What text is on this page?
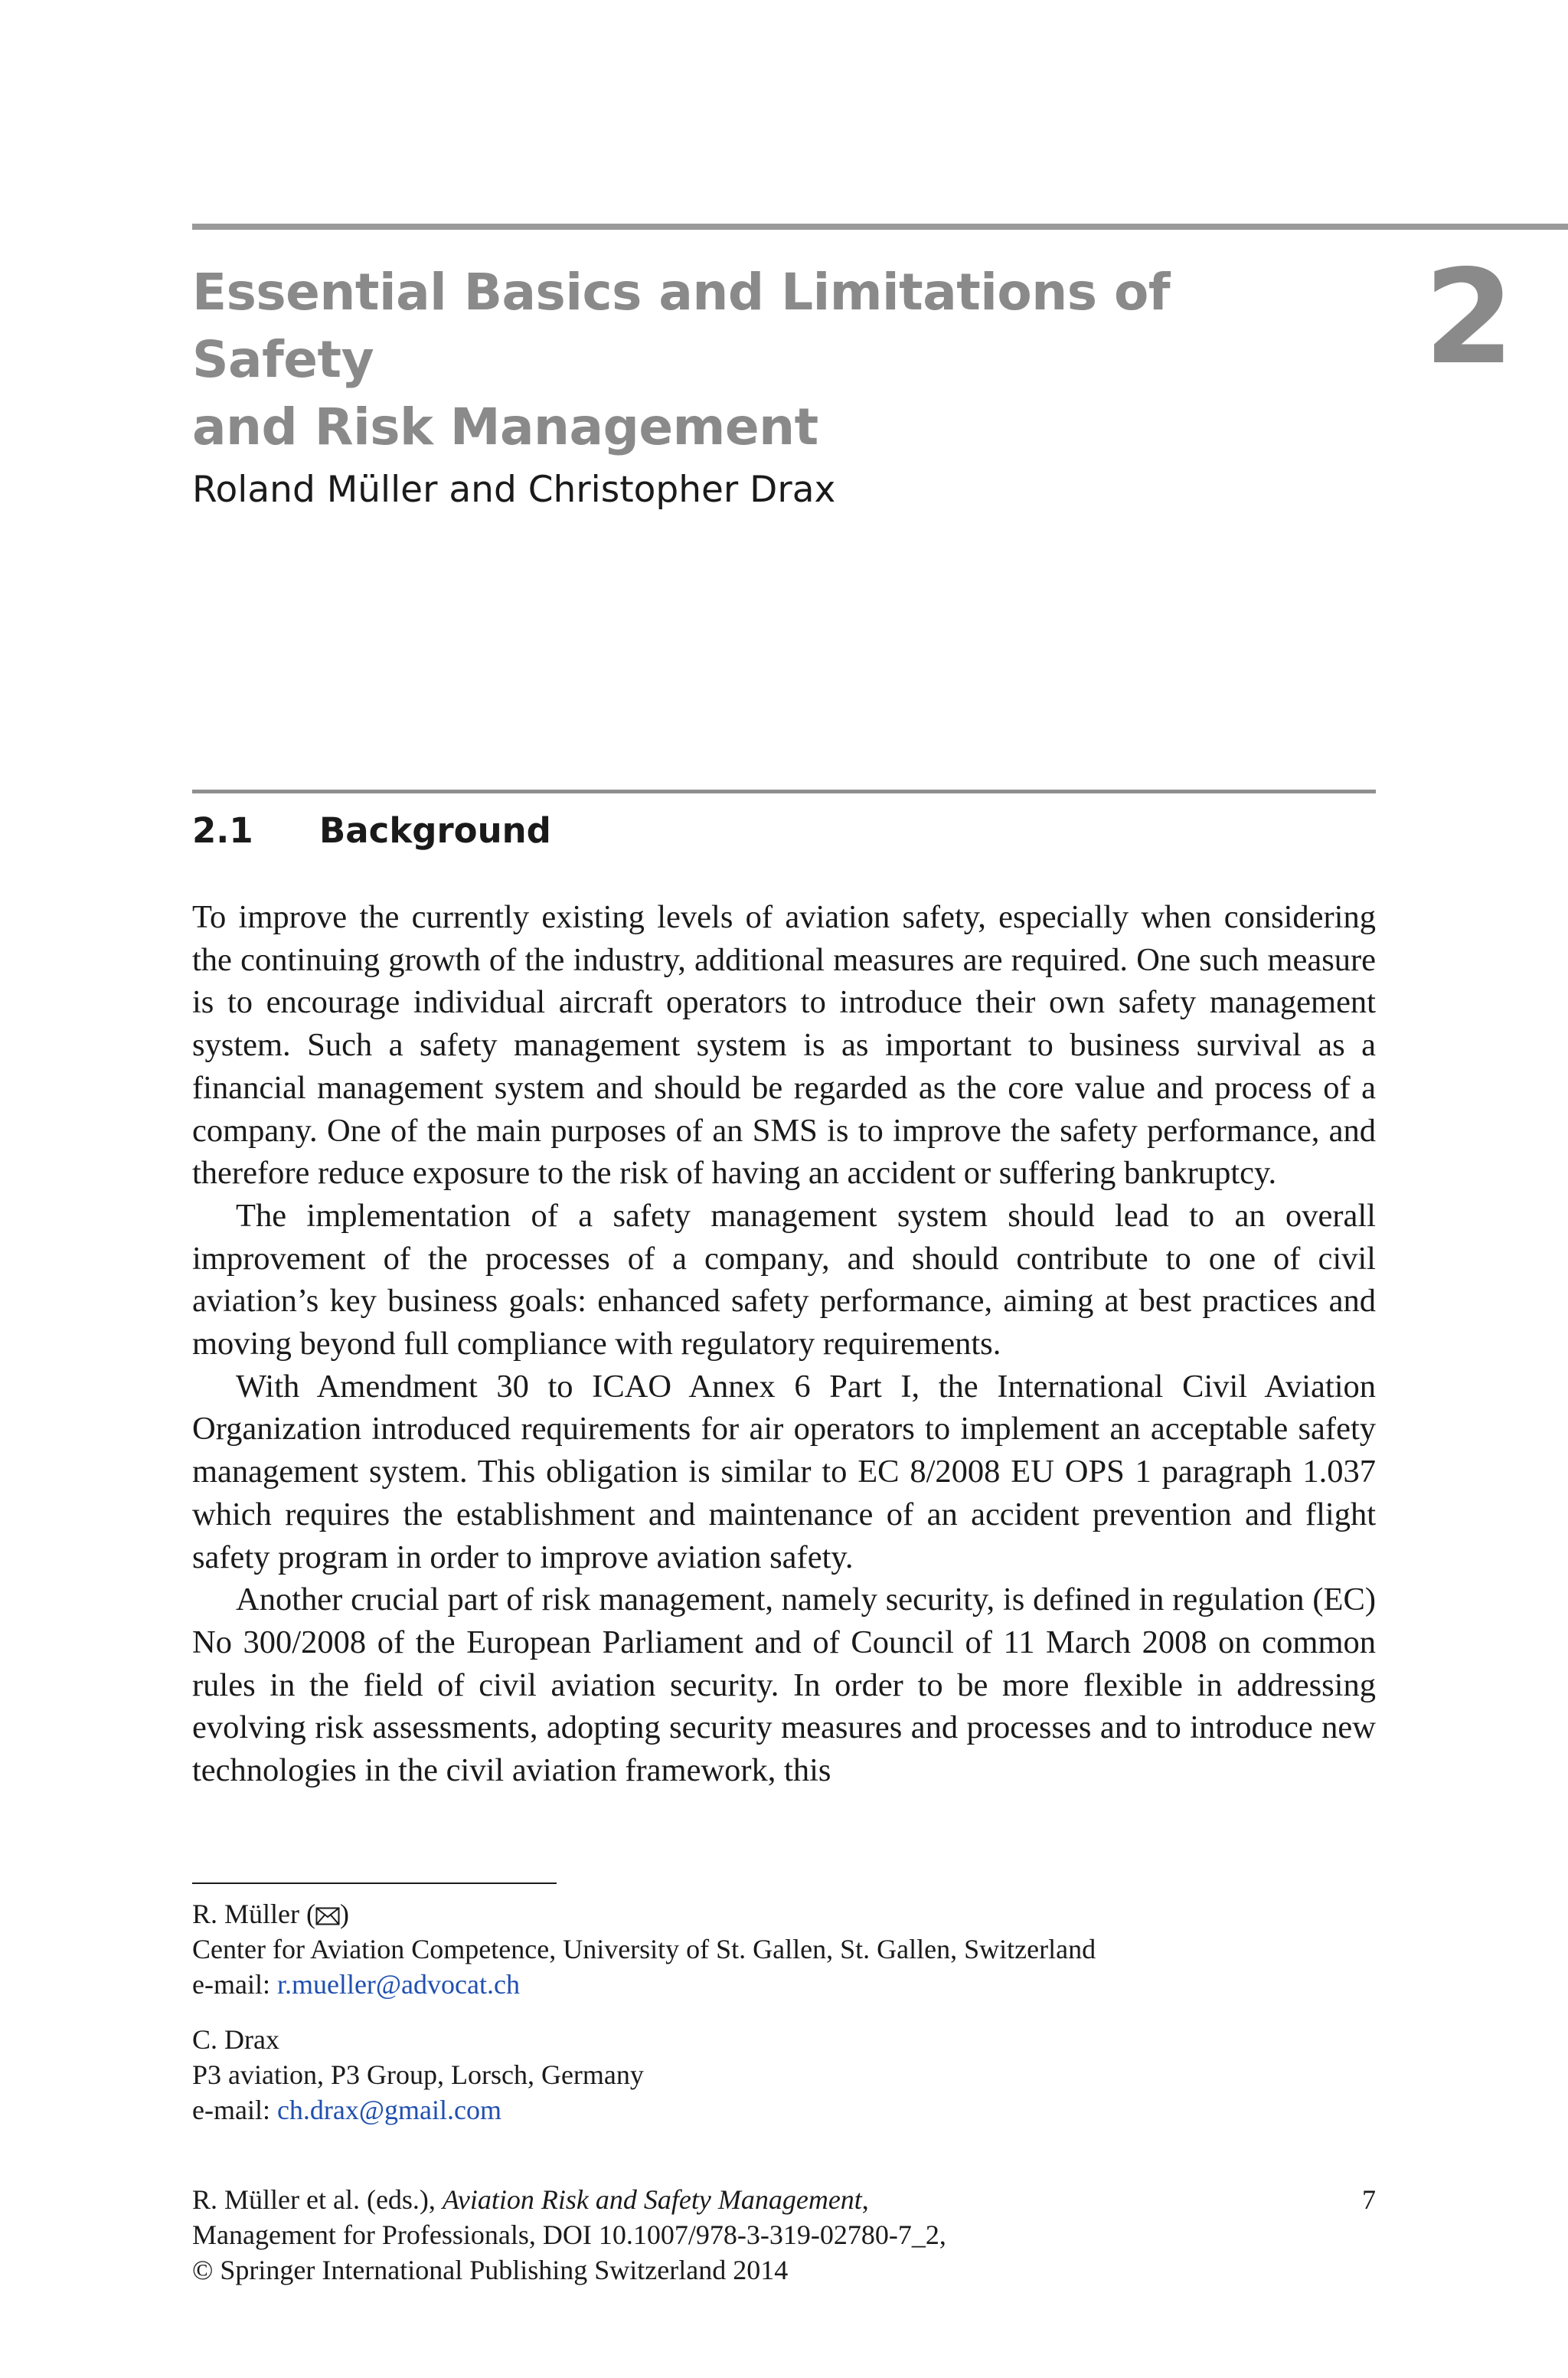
Essential Basics and Limitations of Safety
and Risk Management
2
Roland Müller and Christopher Drax
2.1 Background

To improve the currently existing levels of aviation safety, especially when considering the continuing growth of the industry, additional measures are required. One such measure is to encourage individual aircraft operators to introduce their own safety management system. Such a safety management system is as important to business survival as a financial management system and should be regarded as the core value and process of a company. One of the main purposes of an SMS is to improve the safety performance, and therefore reduce exposure to the risk of having an accident or suffering bankruptcy.

The implementation of a safety management system should lead to an overall improvement of the processes of a company, and should contribute to one of civil aviation’s key business goals: enhanced safety performance, aiming at best practices and moving beyond full compliance with regulatory requirements.

With Amendment 30 to ICAO Annex 6 Part I, the International Civil Aviation Organization introduced requirements for air operators to implement an acceptable safety management system. This obligation is similar to EC 8/2008 EU OPS 1 paragraph 1.037 which requires the establishment and maintenance of an accident prevention and flight safety program in order to improve aviation safety.

Another crucial part of risk management, namely security, is defined in regulation (EC) No 300/2008 of the European Parliament and of Council of 11 March 2008 on common rules in the field of civil aviation security. In order to be more flexible in addressing evolving risk assessments, adopting security measures and processes and to introduce new technologies in the civil aviation framework, this

R. Müller ( )
Center for Aviation Competence, University of St. Gallen, St. Gallen, Switzerland
e-mail: r.mueller@advocat.ch
C. Drax
P3 aviation, P3 Group, Lorsch, Germany
e-mail: ch.drax@gmail.com
R. Müller et al. (eds.), Aviation Risk and Safety Management,
Management for Professionals, DOI 10.1007/978-3-319-02780-7_2,
© Springer International Publishing Switzerland 2014
7
